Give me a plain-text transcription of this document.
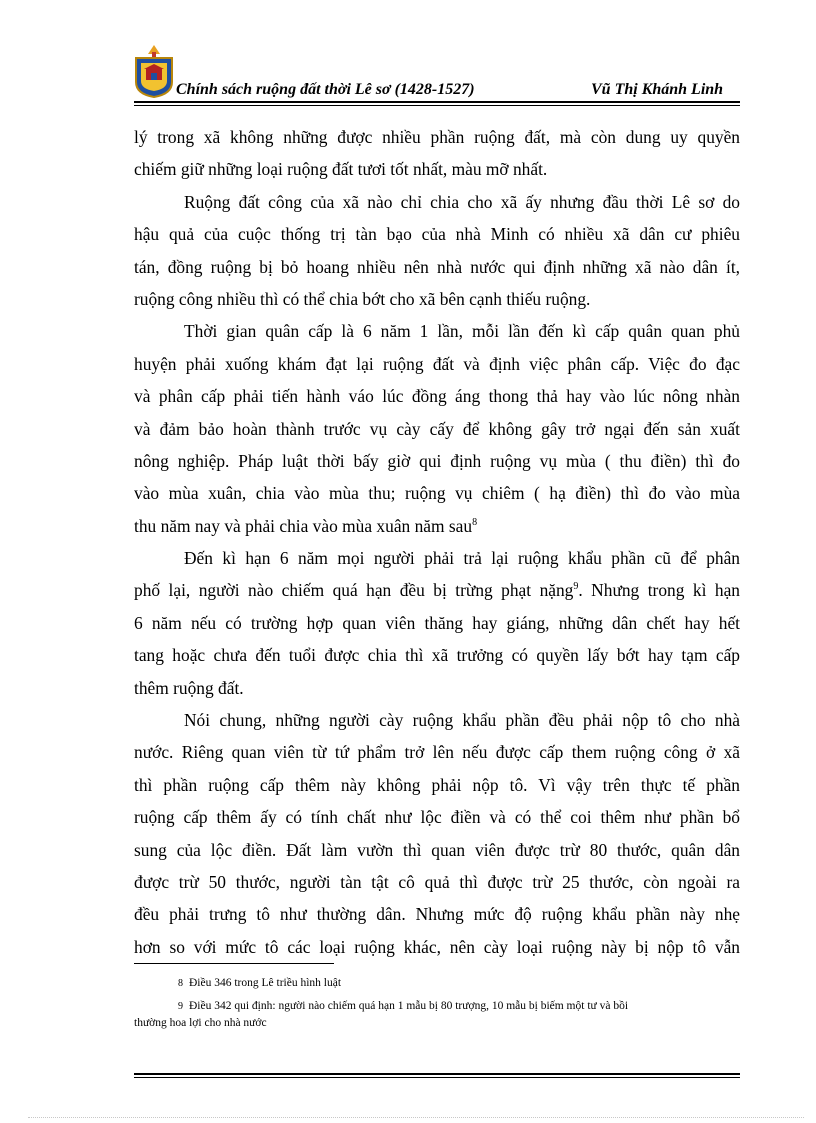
Chính sách ruộng đất thời Lê sơ (1428-1527)	Vũ Thị Khánh Linh
lý trong xã không những được nhiều phần ruộng đất, mà còn dung uy quyền
chiếm giữ những loại ruộng đất tươi tốt nhất, màu mỡ nhất.
Ruộng đất công của xã nào chỉ chia cho xã ấy nhưng đầu thời Lê sơ do
hậu quả của cuộc thống trị tàn bạo của nhà Minh có nhiều xã dân cư phiêu
tán, đồng ruộng bị bỏ hoang nhiều nên nhà nước qui định những xã nào dân ít,
ruộng công nhiều thì có thể chia bớt cho xã bên cạnh thiếu ruộng.
Thời gian quân cấp là 6 năm 1 lần, mỗi lần đến kì cấp quân quan phủ
huyện phải xuống khám đạt lại ruộng đất và định việc phân cấp. Việc đo đạc
và phân cấp phải tiến hành váo lúc đồng áng thong thả hay vào lúc nông nhàn
và đảm bảo hoàn thành trước vụ cày cấy để không gây trở ngại đến sản xuất
nông nghiệp. Pháp luật thời bấy giờ qui định ruộng vụ mùa ( thu điền) thì đo
vào mùa xuân, chia vào mùa thu; ruộng vụ chiêm ( hạ điền) thì đo vào mùa
thu năm nay và phải chia vào mùa xuân năm sau$^8$
Đến kì hạn 6 năm mọi người phải trả lại ruộng khẩu phần cũ để phân
phố lại, người nào chiếm quá hạn đều bị trừng phạt nặng$^9$. Nhưng trong kì hạn
6 năm nếu có trường hợp quan viên thăng hay giáng, những dân chết hay hết
tang hoặc chưa đến tuổi được chia thì xã trưởng có quyền lấy bớt hay tạm cấp
thêm ruộng đất.
Nói chung, những người cày ruộng khẩu phần đều phải nộp tô cho nhà
nước. Riêng quan viên từ tứ phẩm trở lên nếu được cấp them ruộng công ở xã
thì phần ruộng cấp thêm này không phải nộp tô. Vì vậy trên thực tế phần
ruộng cấp thêm ấy có tính chất như lộc điền và có thể coi thêm như phần bổ
sung của lộc điền. Đất làm vườn thì quan viên được trừ 80 thước, quân dân
được trừ 50 thước, người tàn tật cô quả thì được trừ 25 thước, còn ngoài ra
đều phải trưng tô như thường dân. Nhưng mức độ ruộng khẩu phần này nhẹ
hơn so với mức tô các loại ruộng khác, nên cày loại ruộng này bị nộp tô vẫn
8 Điều 346 trong Lê triều hình luật
9 Điều 342 qui định: người nào chiếm quá hạn 1 mẫu bị 80 trượng, 10 mẫu bị biếm một tư và bồi
thường hoa lợi cho nhà nước
